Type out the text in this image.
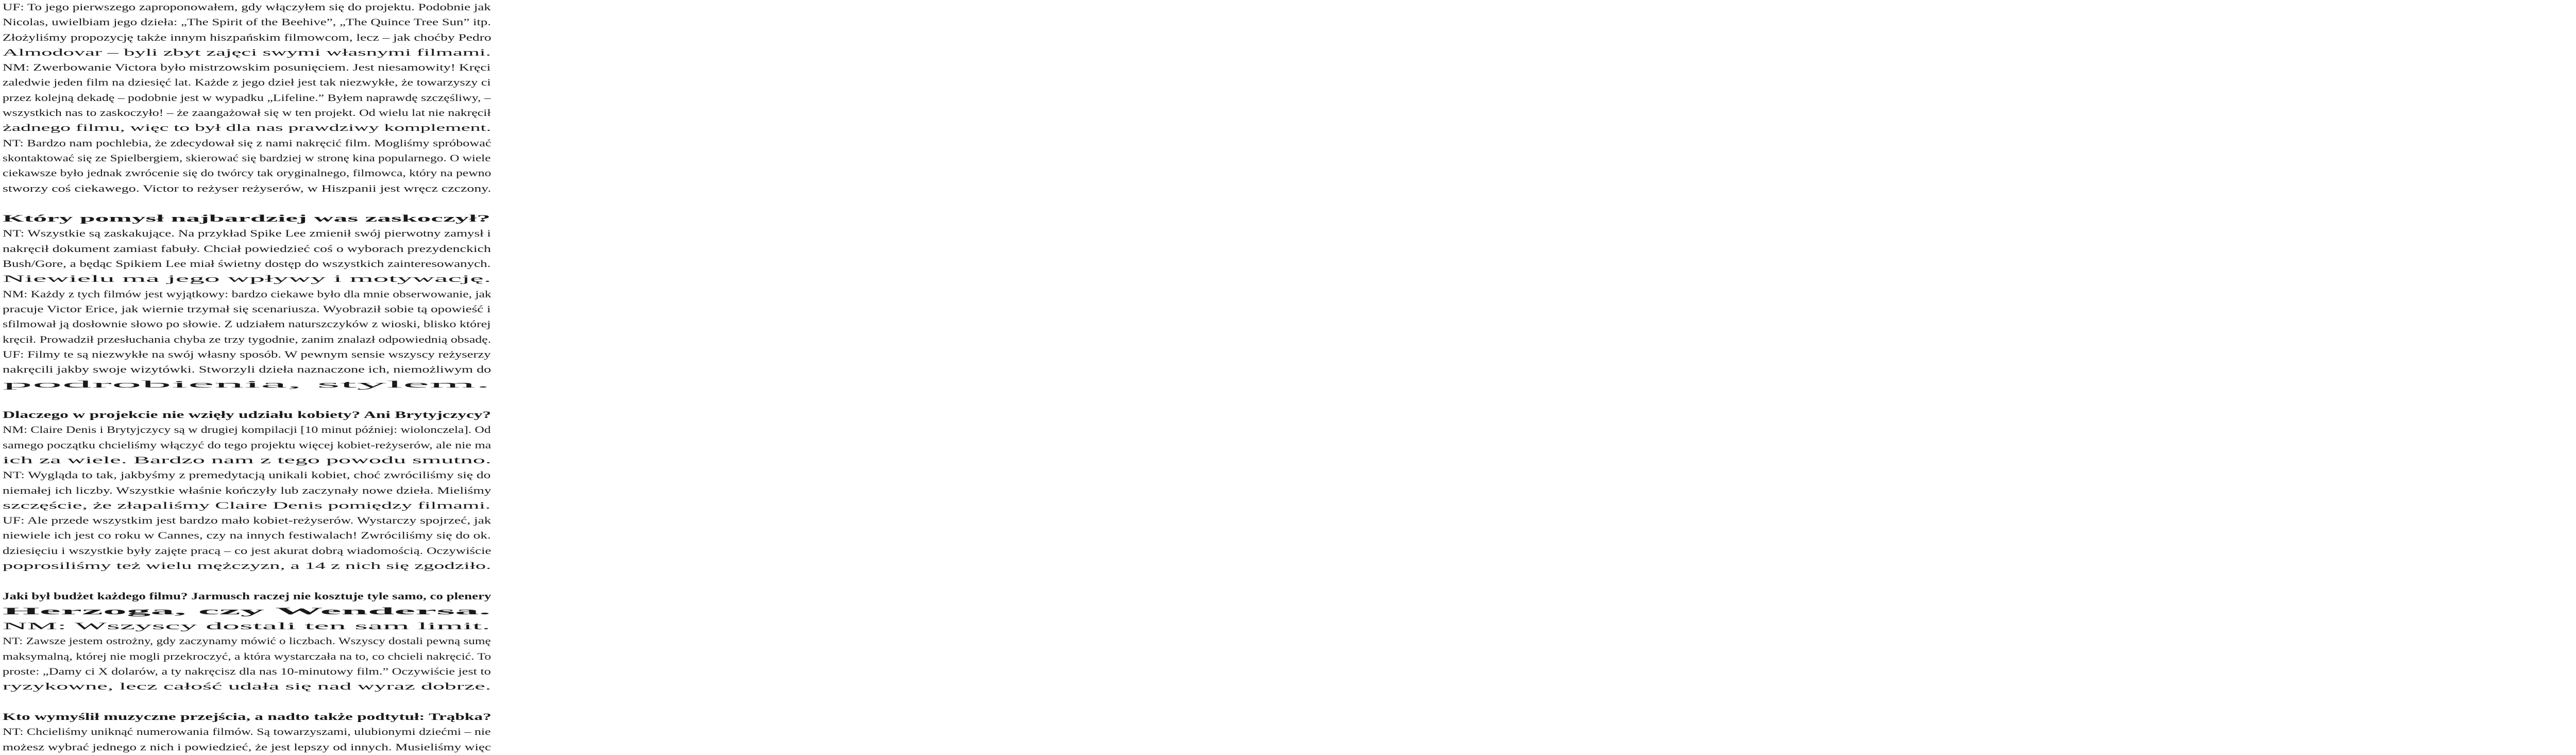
UF: To jego pierwszego zaproponowałem, gdy włączyłem się do projektu. Podobnie jak
Nicolas, uwielbiam jego dzieła: „The Spirit of the Beehive”, „The Quince Tree Sun” itp.
Złożyliśmy propozycję także innym hiszpańskim filmowcom, lecz – jak choćby Pedro
Almodovar – byli zbyt zajęci swymi własnymi filmami.
NM: Zwerbowanie Victora było mistrzowskim posunięciem. Jest niesamowity! Kręci
zaledwie jeden film na dziesięć lat. Każde z jego dzieł jest tak niezwykłe, że towarzyszy ci
przez kolejną dekadę – podobnie jest w wypadku „Lifeline.” Byłem naprawdę szczęśliwy, –
wszystkich nas to zaskoczyło! – że zaangażował się w ten projekt. Od wielu lat nie nakręcił
żadnego filmu, więc to był dla nas prawdziwy komplement.
NT: Bardzo nam pochlebia, że zdecydował się z nami nakręcić film. Mogliśmy spróbować
skontaktować się ze Spielbergiem, skierować się bardziej w stronę kina popularnego. O wiele
ciekawsze było jednak zwrócenie się do twórcy tak oryginalnego, filmowca, który na pewno
stworzy coś ciekawego. Victor to reżyser reżyserów, w Hiszpanii jest wręcz czczony.
Który pomysł najbardziej was zaskoczył?
NT: Wszystkie są zaskakujące. Na przykład Spike Lee zmienił swój pierwotny zamysł i
nakręcił dokument zamiast fabuły. Chciał powiedzieć coś o wyborach prezydenckich
Bush/Gore, a będąc Spikiem Lee miał świetny dostęp do wszystkich zainteresowanych.
Niewielu ma jego wpływy i motywację.
NM: Każdy z tych filmów jest wyjątkowy: bardzo ciekawe było dla mnie obserwowanie, jak
pracuje Victor Erice, jak wiernie trzymał się scenariusza. Wyobraził sobie tą opowieść i
sfilmował ją dosłownie słowo po słowie. Z udziałem naturszczyków z wioski, blisko której
kręcił. Prowadził przesłuchania chyba ze trzy tygodnie, zanim znalazł odpowiednią obsadę.
UF: Filmy te są niezwykłe na swój własny sposób. W pewnym sensie wszyscy reżyserzy
nakręcili jakby swoje wizytówki. Stworzyli dzieła naznaczone ich, niemożliwym do
podrobienia, stylem.
Dlaczego w projekcie nie wzięły udziału kobiety? Ani Brytyjczycy?
NM: Claire Denis i Brytyjczycy są w drugiej kompilacji [10 minut później: wiolonczela]. Od
samego początku chcieliśmy włączyć do tego projektu więcej kobiet-reżyserów, ale nie ma
ich za wiele. Bardzo nam z tego powodu smutno.
NT: Wygląda to tak, jakbyśmy z premedytacją unikali kobiet, choć zwróciliśmy się do
niemałej ich liczby. Wszystkie właśnie kończyły lub zaczynały nowe dzieła. Mieliśmy
szczęście, że złapaliśmy Claire Denis pomiędzy filmami.
UF: Ale przede wszystkim jest bardzo mało kobiet-reżyserów. Wystarczy spojrzeć, jak
niewiele ich jest co roku w Cannes, czy na innych festiwalach! Zwróciliśmy się do ok.
dziesięciu i wszystkie były zajęte pracą – co jest akurat dobrą wiadomością. Oczywiście
poprosiliśmy też wielu mężczyzn, a 14 z nich się zgodziło.
Jaki był budżet każdego filmu? Jarmusch raczej nie kosztuje tyle samo, co plenery
Herzoga, czy Wendersa.
NM: Wszyscy dostali ten sam limit.
NT: Zawsze jestem ostrożny, gdy zaczynamy mówić o liczbach. Wszyscy dostali pewną sumę
maksymalną, której nie mogli przekroczyć, a która wystarczała na to, co chcieli nakręcić. To
proste: „Damy ci X dolarów, a ty nakręcisz dla nas 10-minutowy film.” Oczywiście jest to
ryzykowne, lecz całość udała się nad wyraz dobrze.
Kto wymyślił muzyczne przejścia, a nadto także podtytuł: Trąbka?
NT: Chcieliśmy uniknąć numerowania filmów. Są towarzyszami, ulubionymi dziećmi – nie
możesz wybrać jednego z nich i powiedzieć, że jest lepszy od innych. Musieliśmy więc
